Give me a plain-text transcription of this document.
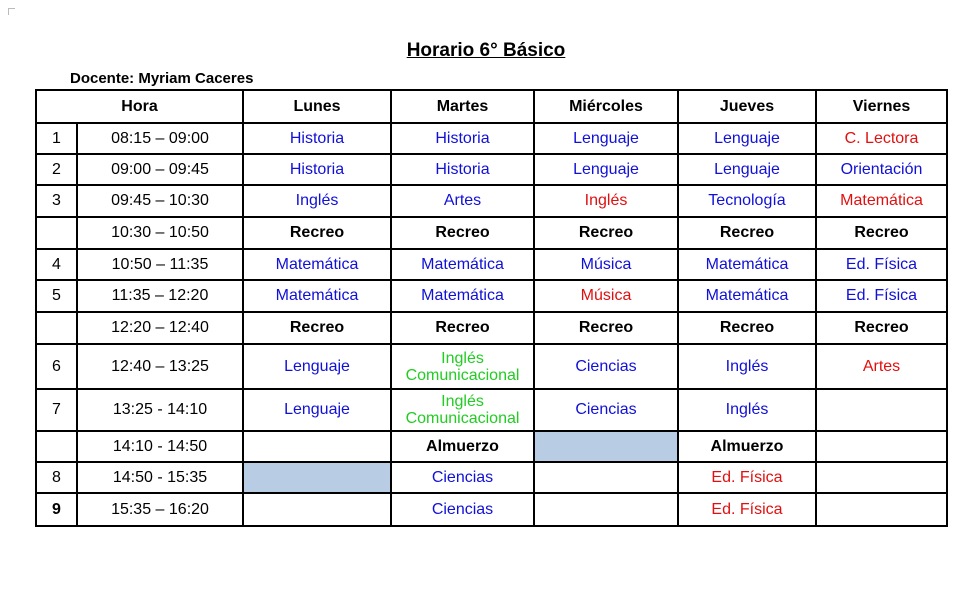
Horario 6° Básico
Docente: Myriam Caceres
Hora		Lunes	Martes	Miércoles	Jueves	Viernes
1	08:15 – 09:00	Historia	Historia	Lenguaje	Lenguaje	C. Lectora
2	09:00 – 09:45	Historia	Historia	Lenguaje	Lenguaje	Orientación
3	09:45 – 10:30	Inglés	Artes	Inglés	Tecnología	Matemática
	10:30 – 10:50	Recreo	Recreo	Recreo	Recreo	Recreo
4	10:50 – 11:35	Matemática	Matemática	Música	Matemática	Ed. Física
5	11:35 – 12:20	Matemática	Matemática	Música	Matemática	Ed. Física
	12:20 – 12:40	Recreo	Recreo	Recreo	Recreo	Recreo
6	12:40 – 13:25	Lenguaje	Inglés
Comunicacional	Ciencias	Inglés	Artes
7	13:25 - 14:10	Lenguaje	Inglés
Comunicacional	Ciencias	Inglés	
	14:10 - 14:50		Almuerzo		Almuerzo	
8	14:50 - 15:35		Ciencias		Ed. Física	
9	15:35 – 16:20		Ciencias		Ed. Física	
